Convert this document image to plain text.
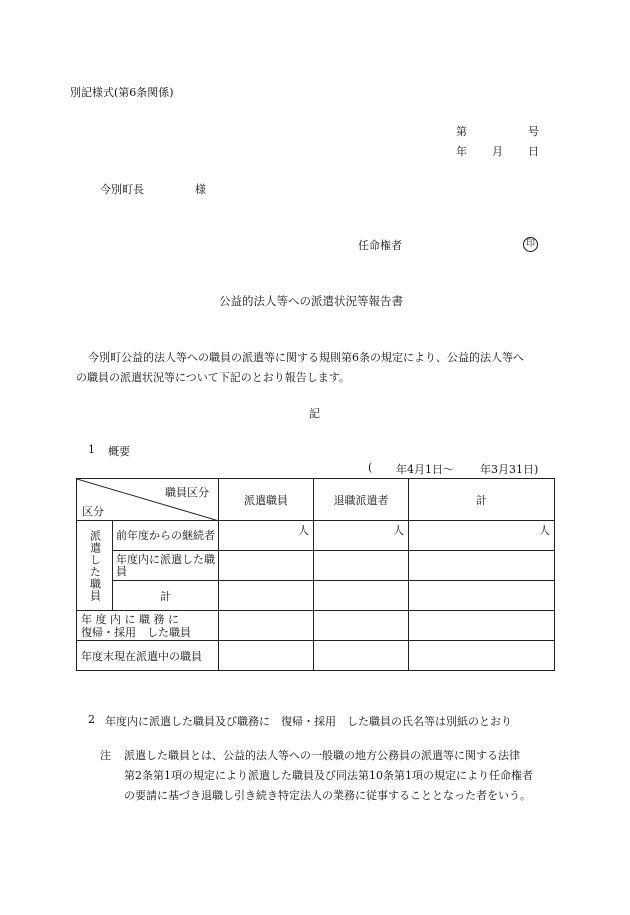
別記様式(第6条関係)
第	号
年 月 日
今別町長	様
任命権者	印
公益的法人等への派遣状況等報告書
今別町公益的法人等への職員の派遣等に関する規則第6条の規定により、公益的法人等へ
の職員の派遣状況等について下記のとおり報告します。
記
1 概要
( 年4月1日～ 年3月31日)
職員区分
区分		派遣職員	退職派遣者	計

派遣した職員	前年度からの継続者	人	人	人
	年度内に派遣した職員			
	計			

年 度 内 に 職 務 に
復帰・採用　した職員				

年度末現在派遣中の職員				
2 年度内に派遣した職員及び職務に　復帰・採用　した職員の氏名等は別紙のとおり
注 派遣した職員とは、公益的法人等への一般職の地方公務員の派遣等に関する法律
第2条第1項の規定により派遣した職員及び同法第10条第1項の規定により任命権者
の要請に基づき退職し引き続き特定法人の業務に従事することとなった者をいう。
